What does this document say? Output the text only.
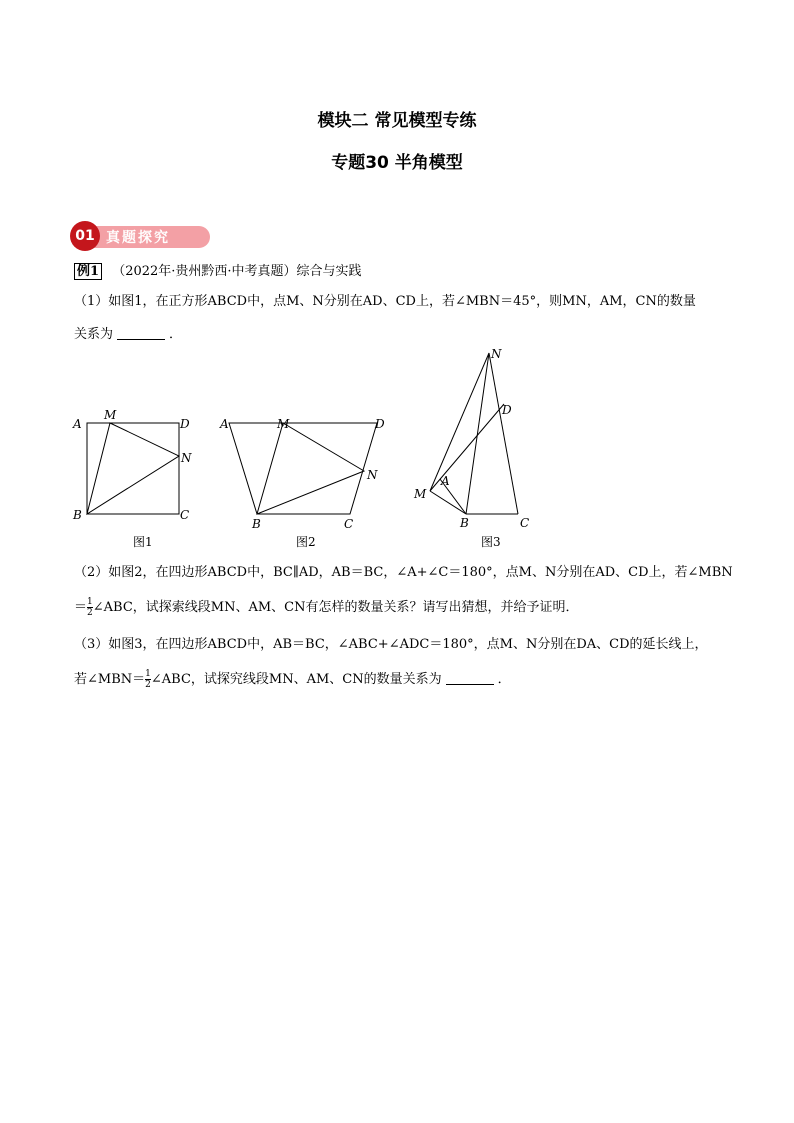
模块二 常见模型专练
专题30 半角模型
01 真题探究
例1 （2022年·贵州黔西·中考真题）综合与实践
（1）如图1，在正方形ABCD中，点M、N分别在AD、CD上，若∠MBN＝45°，则MN，AM，CN的数量
关系为	．
（2）如图2，在四边形ABCD中，BC∥AD，AB＝BC，∠A+∠C＝180°，点M、N分别在AD、CD上，若∠MBN
＝ $\frac{1}{2}$ ∠ABC，试探索线段MN、AM、CN有怎样的数量关系？请写出猜想，并给予证明．
（3）如图3，在四边形ABCD中，AB＝BC，∠ABC+∠ADC＝180°，点M、N分别在DA、CD的延长线上，
若∠MBN＝ $\frac{1}{2}$ ∠ABC，试探究线段MN、AM、CN的数量关系为	．
A
M
D
N
B	C
图1
A	M	D
N
B	C
图2
N
D
A
M
B	C
图3
